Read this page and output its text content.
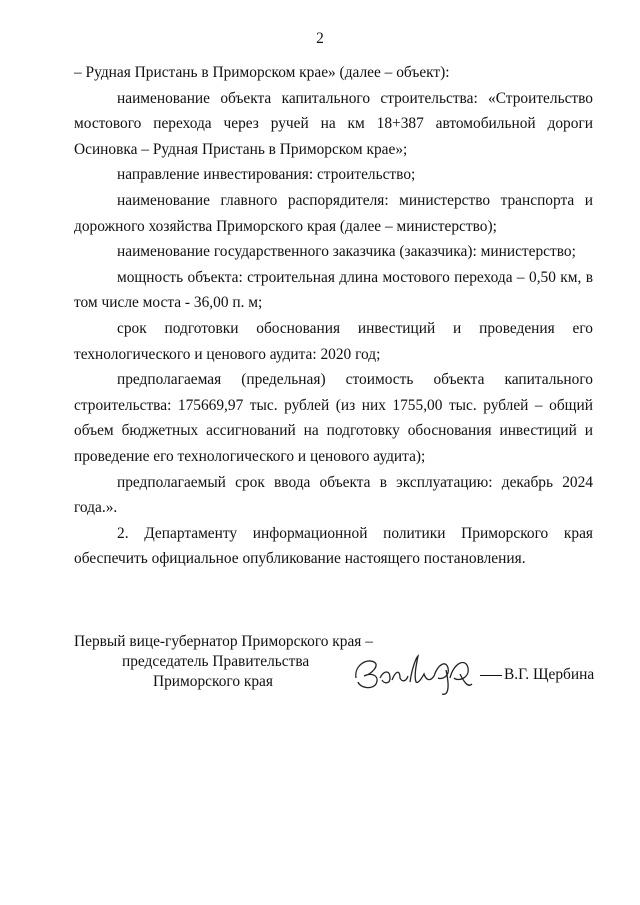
2

– Рудная Пристань в Приморском крае» (далее – объект):

наименование объекта капитального строительства: «Строительство мостового перехода через ручей на км 18+387 автомобильной дороги Осиновка – Рудная Пристань в Приморском крае»;

направление инвестирования: строительство;

наименование главного распорядителя: министерство транспорта и дорожного хозяйства Приморского края (далее – министерство);

наименование государственного заказчика (заказчика): министерство;

мощность объекта: строительная длина мостового перехода – 0,50 км, в том числе моста - 36,00 п. м;

срок подготовки обоснования инвестиций и проведения его технологического и ценового аудита: 2020 год;

предполагаемая (предельная) стоимость объекта капитального строительства: 175669,97 тыс. рублей (из них 1755,00 тыс. рублей – общий объем бюджетных ассигнований на подготовку обоснования инвестиций и проведение его технологического и ценового аудита);

предполагаемый срок ввода объекта в эксплуатацию: декабрь 2024 года.».

2. Департаменту информационной политики Приморского края обеспечить официальное опубликование настоящего постановления.

Первый вице-губернатор Приморского края –

председатель Правительства

Приморского края	В.Г. Щербина
